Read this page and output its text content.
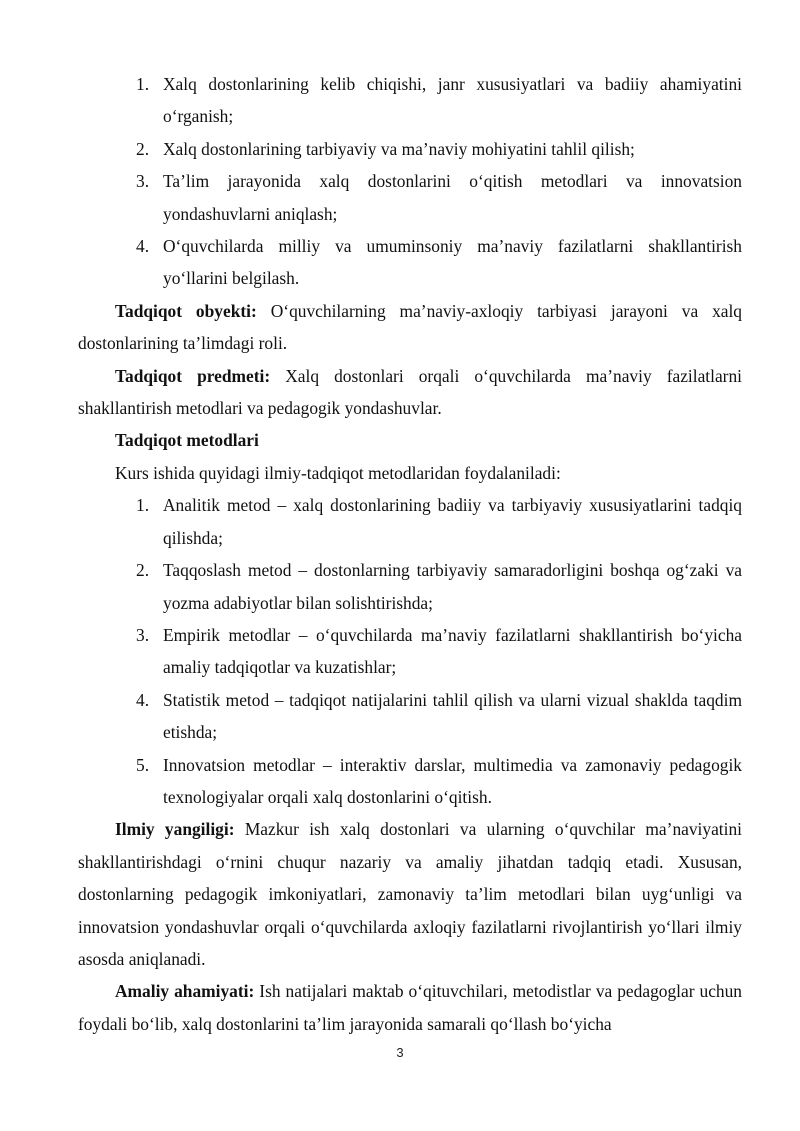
1. Xalq dostonlarining kelib chiqishi, janr xususiyatlari va badiiy ahamiyatini o‘rganish;
2. Xalq dostonlarining tarbiyaviy va ma’naviy mohiyatini tahlil qilish;
3. Ta’lim jarayonida xalq dostonlarini o‘qitish metodlari va innovatsion yondashuvlarni aniqlash;
4. O‘quvchilarda milliy va umuminsoniy ma’naviy fazilatlarni shakllantirish yo‘llarini belgilash.

Tadqiqot obyekti: O‘quvchilarning ma’naviy-axloqiy tarbiyasi jarayoni va xalq dostonlarining ta’limdagi roli.

Tadqiqot predmeti: Xalq dostonlari orqali o‘quvchilarda ma’naviy fazilatlarni shakllantirish metodlari va pedagogik yondashuvlar.

Tadqiqot metodlari

Kurs ishida quyidagi ilmiy-tadqiqot metodlaridan foydalaniladi:

1. Analitik metod – xalq dostonlarining badiiy va tarbiyaviy xususiyatlarini tadqiq qilishda;
2. Taqqoslash metod – dostonlarning tarbiyaviy samaradorligini boshqa og‘zaki va yozma adabiyotlar bilan solishtirishda;
3. Empirik metodlar – o‘quvchilarda ma’naviy fazilatlarni shakllantirish bo‘yicha amaliy tadqiqotlar va kuzatishlar;
4. Statistik metod – tadqiqot natijalarini tahlil qilish va ularni vizual shaklda taqdim etishda;
5. Innovatsion metodlar – interaktiv darslar, multimedia va zamonaviy pedagogik texnologiyalar orqali xalq dostonlarini o‘qitish.

Ilmiy yangiligi: Mazkur ish xalq dostonlari va ularning o‘quvchilar ma’naviyatini shakllantirishdagi o‘rnini chuqur nazariy va amaliy jihatdan tadqiq etadi. Xususan, dostonlarning pedagogik imkoniyatlari, zamonaviy ta’lim metodlari bilan uyg‘unligi va innovatsion yondashuvlar orqali o‘quvchilarda axloqiy fazilatlarni rivojlantirish yo‘llari ilmiy asosda aniqlanadi.

Amaliy ahamiyati: Ish natijalari maktab o‘qituvchilari, metodistlar va pedagoglar uchun foydali bo‘lib, xalq dostonlarini ta’lim jarayonida samarali qo‘llash bo‘yicha

3
